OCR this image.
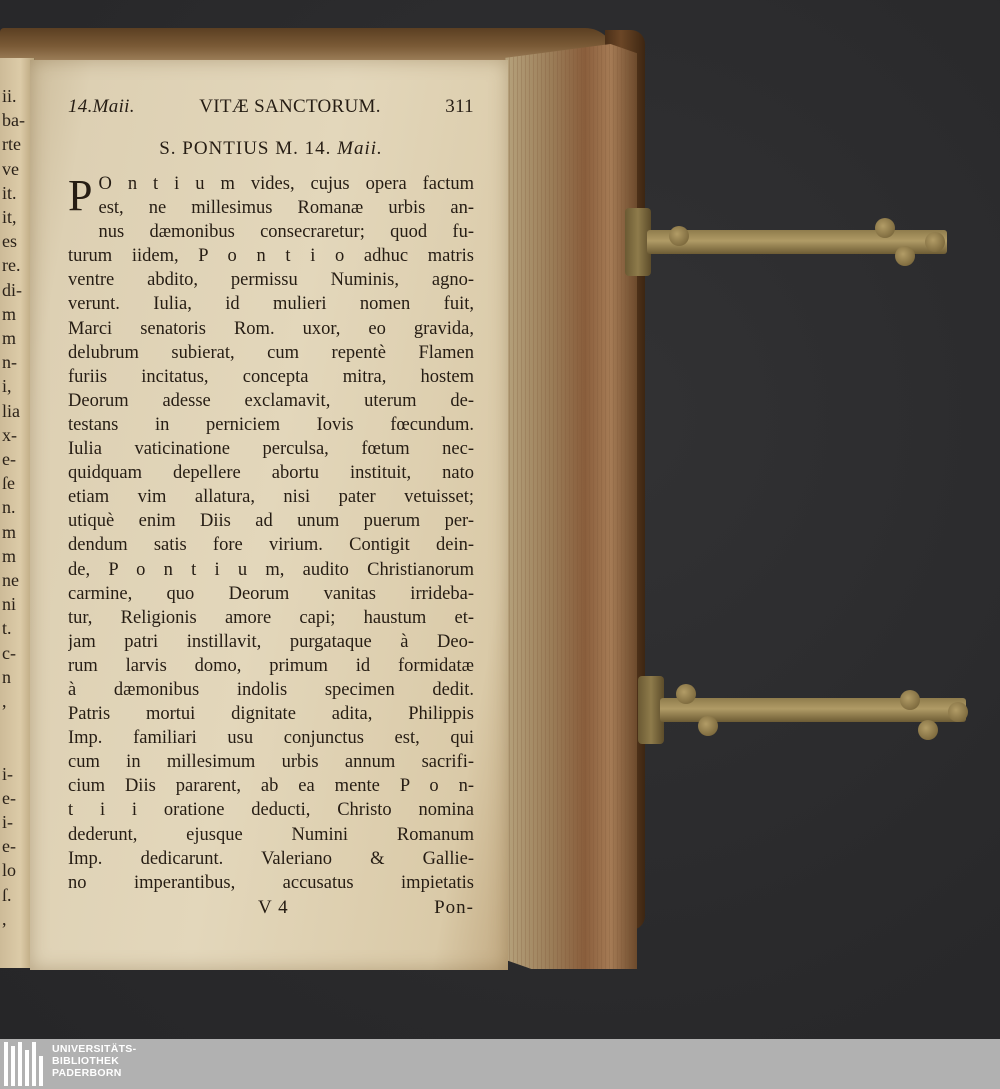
ii.
ba-
rte
ve
it.
it,
es
re.
di-
m
m
n-
i,
lia
x-
e-
ſe
n.
m
m
ne
ni
t.
c-
n
,
i-
e-
i-
e-
lo
ſ.
,
14.Maii.	VITÆ SANCTORUM.	311
S. PONTIUS M. 14. Maii.
P O n t i u m vides, cujus opera factum
est, ne millesimus Romanæ urbis an-
nus dæmonibus consecraretur; quod fu-
turum iidem, P o n t i o adhuc matris
ventre abdito, permissu Numinis, agno-
verunt. Iulia, id mulieri nomen fuit,
Marci senatoris Rom. uxor, eo gravida,
delubrum subierat, cum repentè Flamen
furiis incitatus, concepta mitra, hostem
Deorum adesse exclamavit, uterum de-
testans in perniciem Iovis fœcundum.
Iulia vaticinatione perculsa, fœtum nec-
quidquam depellere abortu instituit, nato
etiam vim allatura, nisi pater vetuisset;
utiquè enim Diis ad unum puerum per-
dendum satis fore virium. Contigit dein-
de, P o n t i u m, audito Christianorum
carmine, quo Deorum vanitas irrideba-
tur, Religionis amore capi; haustum et-
jam patri instillavit, purgataque à Deo-
rum larvis domo, primum id formidatæ
à dæmonibus indolis specimen dedit.
Patris mortui dignitate adita, Philippis
Imp. familiari usu conjunctus est, qui
cum in millesimum urbis annum sacrifi-
cium Diis pararent, ab ea mente P o n-
t i i oratione deducti, Christo nomina
dederunt, ejusque Numini Romanum
Imp. dedicarunt. Valeriano & Gallie-
no imperantibus, accusatus impietatis
V 4	Pon-
UNIVERSITÄTS-
BIBLIOTHEK
PADERBORN
